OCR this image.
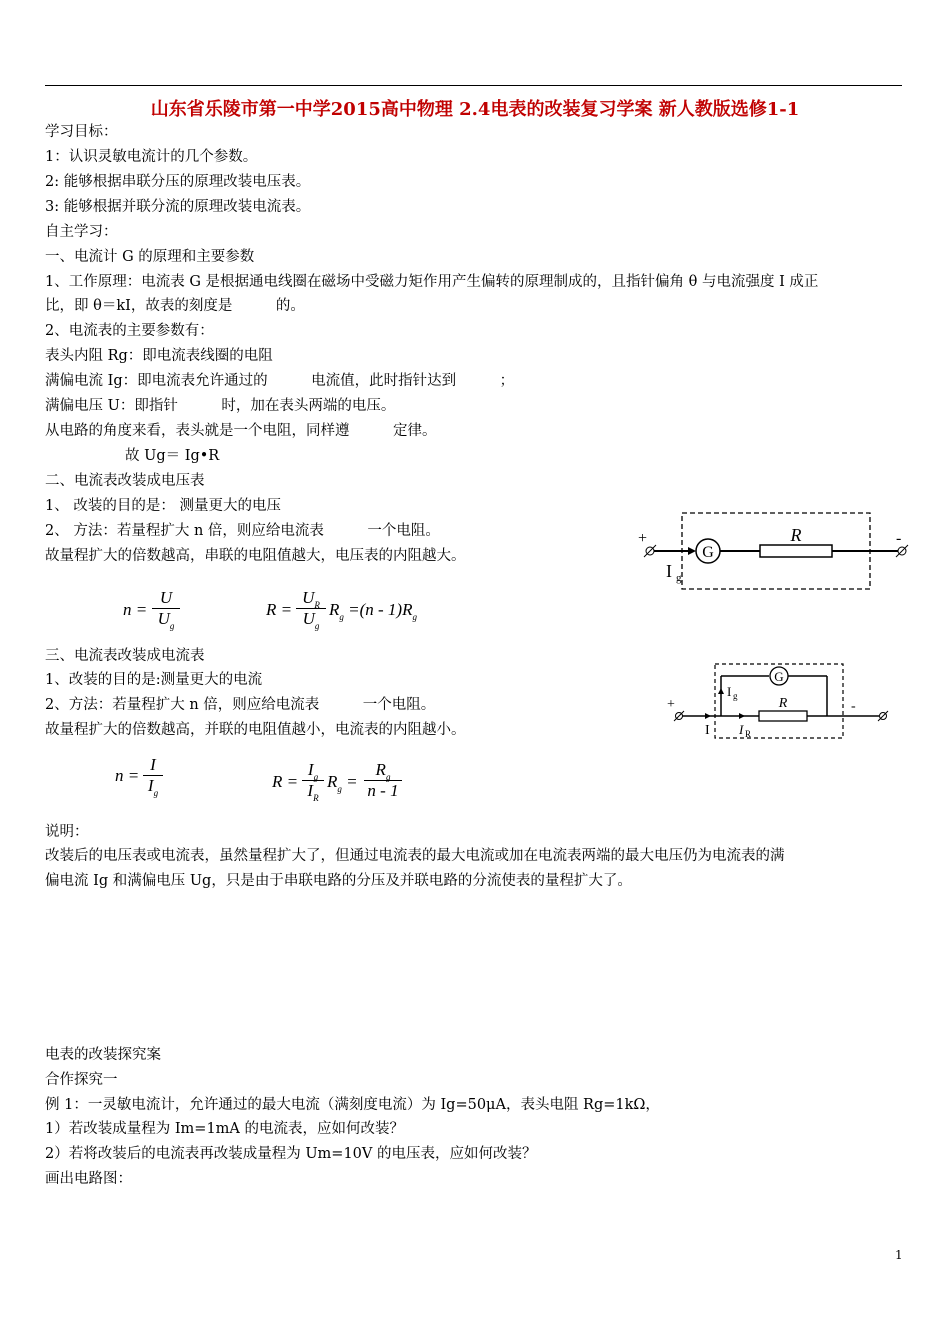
山东省乐陵市第一中学2015高中物理 2.4电表的改装复习学案 新人教版选修1-1
学习目标：
1：认识灵敏电流计的几个参数。
2: 能够根据串联分压的原理改装电压表。
3: 能够根据并联分流的原理改装电流表。
自主学习：
一、电流计 G 的原理和主要参数
1、工作原理：电流表 G 是根据通电线圈在磁场中受磁力矩作用产生偏转的原理制成的，且指针偏角 θ 与电流强度 I 成正
比，即 θ＝kI，故表的刻度是　　　的。
2、电流表的主要参数有：
表头内阻 Rg：即电流表线圈的电阻
满偏电流 Ig：即电流表允许通过的　　　电流值，此时指针达到　　　；
满偏电压 U：即指针　　　时，加在表头两端的电压。
从电路的角度来看，表头就是一个电阻，同样遵　　　定律。
故 Ug＝ Ig•R
二、电流表改装成电压表
1、 改装的目的是： 测量更大的电压
2、 方法：若量程扩大 n 倍，则应给电流表　　　一个电阻。
故量程扩大的倍数越高，串联的电阻值越大，电压表的内阻越大。
$n = \frac{U}{U_g}$	$R = \frac{U_R}{U_g} R_g =(n - 1)R_g$
三、电流表改装成电流表
1、改装的目的是:测量更大的电流
2、方法：若量程扩大 n 倍，则应给电流表　　　一个电阻。
故量程扩大的倍数越高，并联的电阻值越小，电流表的内阻越小。
$n = \frac{I}{I_g}$	$R = \frac{I_g}{I_R} R_g = \frac{R_g}{n - 1}$
说明：
改装后的电压表或电流表，虽然量程扩大了，但通过电流表的最大电流或加在电流表两端的最大电压仍为电流表的满
偏电流 Ig 和满偏电压 Ug，只是由于串联电路的分压及并联电路的分流使表的量程扩大了。
电表的改装探究案
合作探究一
例 1：一灵敏电流计，允许通过的最大电流（满刻度电流）为 Ig=50μA，表头电阻 Rg=1kΩ，
1）若改装成量程为 Im=1mA 的电流表，应如何改装？
2）若将改装后的电流表再改装成量程为 Um=10V 的电压表，应如何改装？
画出电路图：
G
R
+	-
I g
G
R
+	-
I
I g
I R
1
